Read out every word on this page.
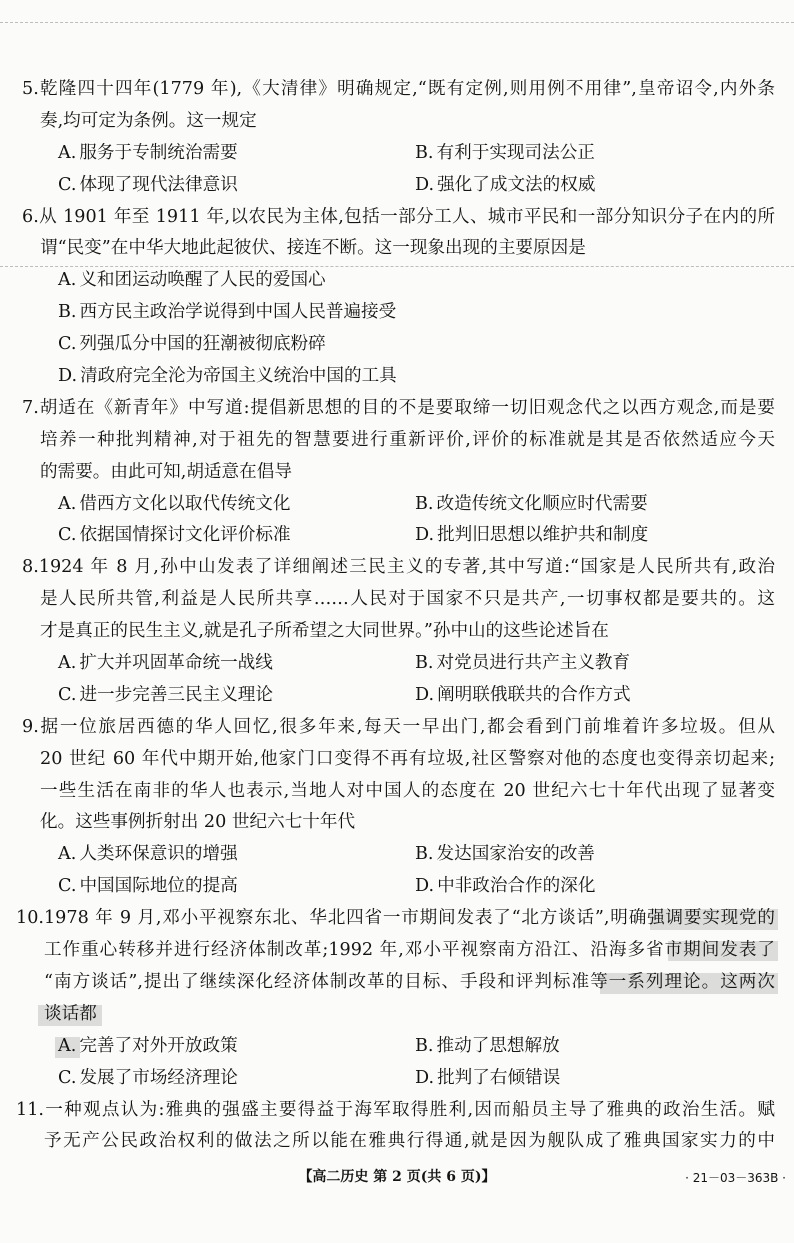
5.乾隆四十四年(1779 年),《大清律》明确规定,“既有定例,则用例不用律”,皇帝诏令,内外条
奏,均可定为条例。这一规定
A. 服务于专制统治需要	B. 有利于实现司法公正
C. 体现了现代法律意识	D. 强化了成文法的权威
6.从 1901 年至 1911 年,以农民为主体,包括一部分工人、城市平民和一部分知识分子在内的所
谓“民变”在中华大地此起彼伏、接连不断。这一现象出现的主要原因是
A. 义和团运动唤醒了人民的爱国心
B. 西方民主政治学说得到中国人民普遍接受
C. 列强瓜分中国的狂潮被彻底粉碎
D. 清政府完全沦为帝国主义统治中国的工具
7.胡适在《新青年》中写道:提倡新思想的目的不是要取缔一切旧观念代之以西方观念,而是要
培养一种批判精神,对于祖先的智慧要进行重新评价,评价的标准就是其是否依然适应今天
的需要。由此可知,胡适意在倡导
A. 借西方文化以取代传统文化	B. 改造传统文化顺应时代需要
C. 依据国情探讨文化评价标准	D. 批判旧思想以维护共和制度
8.1924 年 8 月,孙中山发表了详细阐述三民主义的专著,其中写道:“国家是人民所共有,政治
是人民所共管,利益是人民所共享……人民对于国家不只是共产,一切事权都是要共的。这
才是真正的民生主义,就是孔子所希望之大同世界。”孙中山的这些论述旨在
A. 扩大并巩固革命统一战线	B. 对党员进行共产主义教育
C. 进一步完善三民主义理论	D. 阐明联俄联共的合作方式
9.据一位旅居西德的华人回忆,很多年来,每天一早出门,都会看到门前堆着许多垃圾。但从
20 世纪 60 年代中期开始,他家门口变得不再有垃圾,社区警察对他的态度也变得亲切起来;
一些生活在南非的华人也表示,当地人对中国人的态度在 20 世纪六七十年代出现了显著变
化。这些事例折射出 20 世纪六七十年代
A. 人类环保意识的增强	B. 发达国家治安的改善
C. 中国国际地位的提高	D. 中非政治合作的深化
10.1978 年 9 月,邓小平视察东北、华北四省一市期间发表了“北方谈话”,明确强调要实现党的
工作重心转移并进行经济体制改革;1992 年,邓小平视察南方沿江、沿海多省市期间发表了
“南方谈话”,提出了继续深化经济体制改革的目标、手段和评判标准等一系列理论。这两次
谈话都
A. 完善了对外开放政策	B. 推动了思想解放
C. 发展了市场经济理论	D. 批判了右倾错误
11.一种观点认为:雅典的强盛主要得益于海军取得胜利,因而船员主导了雅典的政治生活。赋
予无产公民政治权利的做法之所以能在雅典行得通,就是因为舰队成了雅典国家实力的中
【高二历史 第 2 页(共 6 页)】	· 21－03－363B ·
